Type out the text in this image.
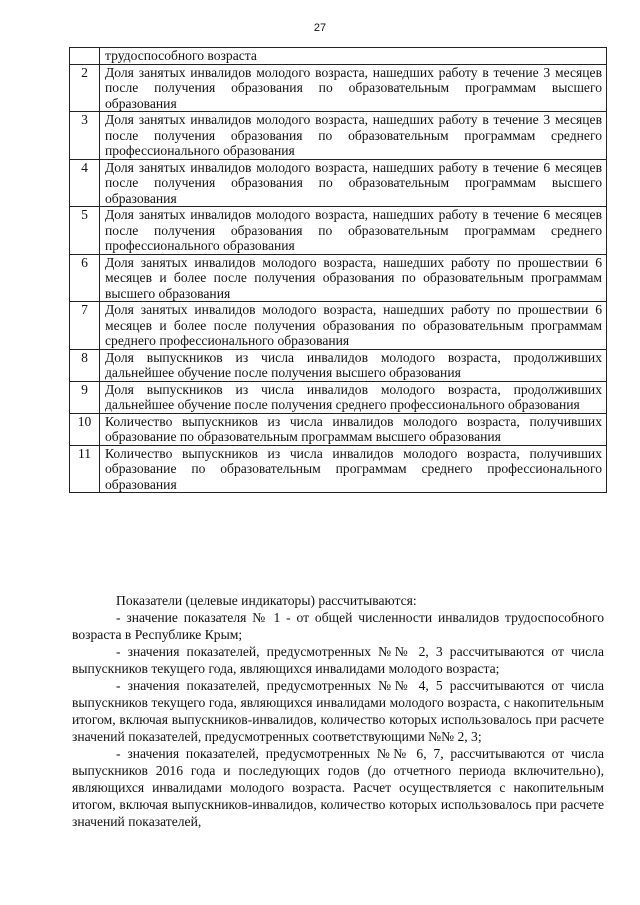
27
	трудоспособного возраста
2	Доля занятых инвалидов молодого возраста, нашедших работу в течение 3 месяцев после получения образования по образовательным программам высшего образования
3	Доля занятых инвалидов молодого возраста, нашедших работу в течение 3 месяцев после получения образования по образовательным программам среднего профессионального образования
4	Доля занятых инвалидов молодого возраста, нашедших работу в течение 6 месяцев после получения образования по образовательным программам высшего образования
5	Доля занятых инвалидов молодого возраста, нашедших работу в течение 6 месяцев после получения образования по образовательным программам среднего профессионального образования
6	Доля занятых инвалидов молодого возраста, нашедших работу по прошествии 6 месяцев и более после получения образования по образовательным программам высшего образования
7	Доля занятых инвалидов молодого возраста, нашедших работу по прошествии 6 месяцев и более после получения образования по образовательным программам среднего профессионального образования
8	Доля выпускников из числа инвалидов молодого возраста, продолживших дальнейшее обучение после получения высшего образования
9	Доля выпускников из числа инвалидов молодого возраста, продолживших дальнейшее обучение после получения среднего профессионального образования
10	Количество выпускников из числа инвалидов молодого возраста, получивших образование по образовательным программам высшего образования
11	Количество выпускников из числа инвалидов молодого возраста, получивших образование по образовательным программам среднего профессионального образования

Показатели (целевые индикаторы) рассчитываются:

- значение показателя № 1 - от общей численности инвалидов трудоспособного возраста в Республике Крым;

- значения показателей, предусмотренных №№ 2, 3 рассчитываются от числа выпускников текущего года, являющихся инвалидами молодого возраста;

- значения показателей, предусмотренных №№ 4, 5 рассчитываются от числа выпускников текущего года, являющихся инвалидами молодого возраста, с накопительным итогом, включая выпускников-инвалидов, количество которых использовалось при расчете значений показателей, предусмотренных соответствующими №№ 2, 3;

- значения показателей, предусмотренных №№ 6, 7, рассчитываются от числа выпускников 2016 года и последующих годов (до отчетного периода включительно), являющихся инвалидами молодого возраста. Расчет осуществляется с накопительным итогом, включая выпускников-инвалидов, количество которых использовалось при расчете значений показателей,
